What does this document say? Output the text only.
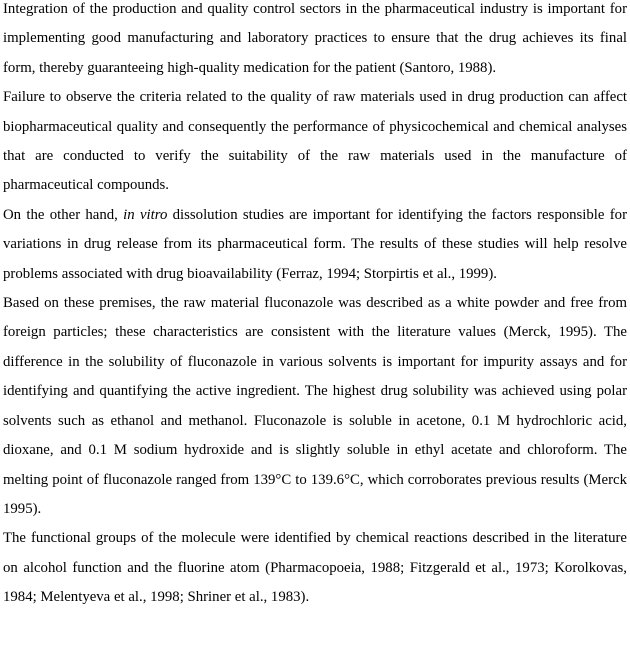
Integration of the production and quality control sectors in the pharmaceutical industry is important for implementing good manufacturing and laboratory practices to ensure that the drug achieves its final form, thereby guaranteeing high-quality medication for the patient (Santoro, 1988).

Failure to observe the criteria related to the quality of raw materials used in drug production can affect biopharmaceutical quality and consequently the performance of physicochemical and chemical analyses that are conducted to verify the suitability of the raw materials used in the manufacture of pharmaceutical compounds.

On the other hand, in vitro dissolution studies are important for identifying the factors responsible for variations in drug release from its pharmaceutical form. The results of these studies will help resolve problems associated with drug bioavailability (Ferraz, 1994; Storpirtis et al., 1999).

Based on these premises, the raw material fluconazole was described as a white powder and free from foreign particles; these characteristics are consistent with the literature values (Merck, 1995). The difference in the solubility of fluconazole in various solvents is important for impurity assays and for identifying and quantifying the active ingredient. The highest drug solubility was achieved using polar solvents such as ethanol and methanol. Fluconazole is soluble in acetone, 0.1 M hydrochloric acid, dioxane, and 0.1 M sodium hydroxide and is slightly soluble in ethyl acetate and chloroform. The melting point of fluconazole ranged from 139°C to 139.6°C, which corroborates previous results (Merck 1995).

The functional groups of the molecule were identified by chemical reactions described in the literature on alcohol function and the fluorine atom (Pharmacopoeia, 1988; Fitzgerald et al., 1973; Korolkovas, 1984; Melentyeva et al., 1998; Shriner et al., 1983).
